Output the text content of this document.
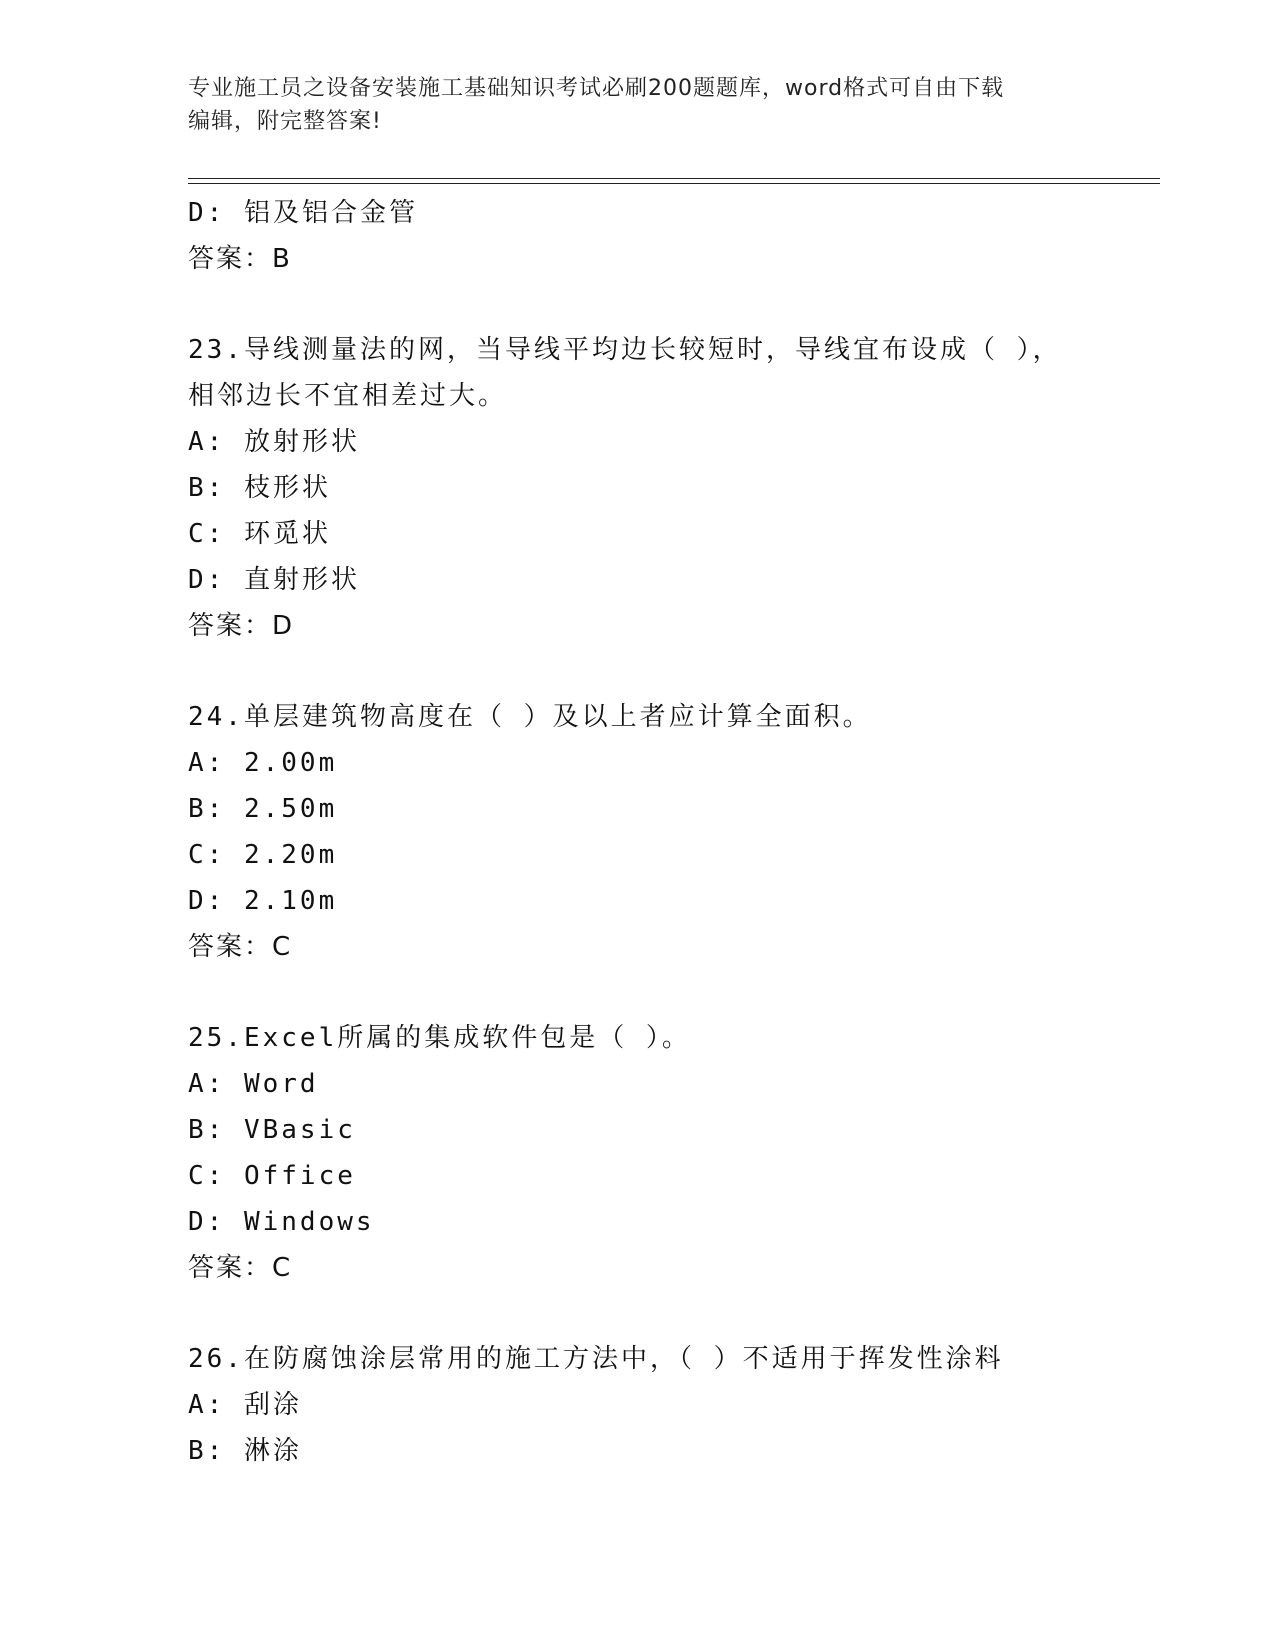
专业施工员之设备安装施工基础知识考试必刷200题题库，word格式可自由下载
编辑，附完整答案!
D: 铝及铝合金管
答案：B
23.导线测量法的网，当导线平均边长较短时，导线宜布设成（ ），
相邻边长不宜相差过大。
A: 放射形状
B: 枝形状
C: 环觅状
D: 直射形状
答案：D
24.单层建筑物高度在（ ）及以上者应计算全面积。
A: 2.00m
B: 2.50m
C: 2.20m
D: 2.10m
答案：C
25.Excel所属的集成软件包是（ ）。
A: Word
B: VBasic
C: Office
D: Windows
答案：C
26.在防腐蚀涂层常用的施工方法中，（ ）不适用于挥发性涂料
A: 刮涂
B: 淋涂
